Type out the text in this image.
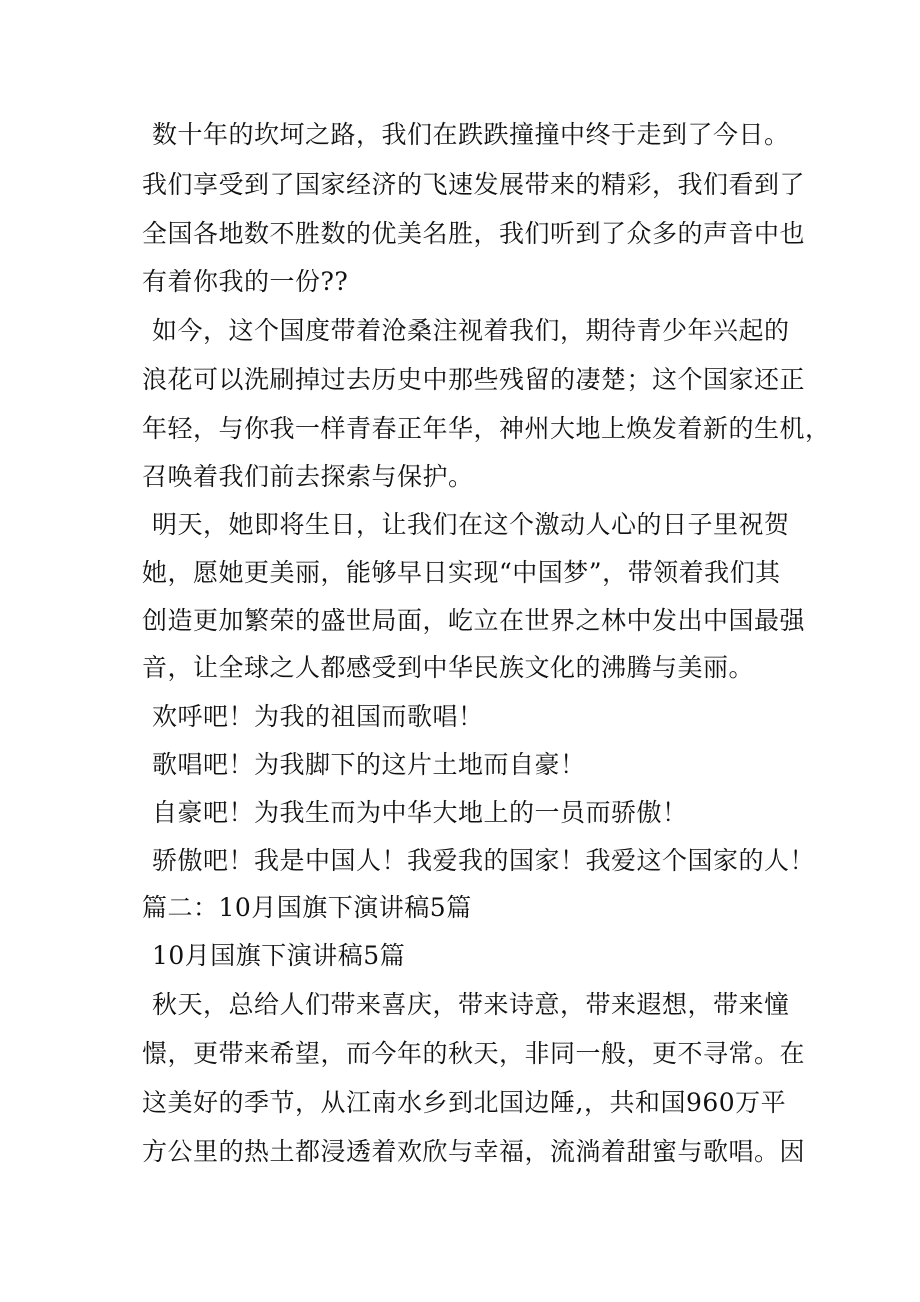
数十年的坎坷之路，我们在跌跌撞撞中终于走到了今日。
我们享受到了国家经济的飞速发展带来的精彩，我们看到了
全国各地数不胜数的优美名胜，我们听到了众多的声音中也
有着你我的一份??
如今，这个国度带着沧桑注视着我们，期待青少年兴起的
浪花可以洗刷掉过去历史中那些残留的凄楚；这个国家还正
年轻，与你我一样青春正年华，神州大地上焕发着新的生机，
召唤着我们前去探索与保护。
明天，她即将生日，让我们在这个激动人心的日子里祝贺
她，愿她更美丽，能够早日实现“中国梦”，带领着我们其
创造更加繁荣的盛世局面，屹立在世界之林中发出中国最强
音，让全球之人都感受到中华民族文化的沸腾与美丽。
欢呼吧！为我的祖国而歌唱！
歌唱吧！为我脚下的这片土地而自豪！
自豪吧！为我生而为中华大地上的一员而骄傲！
骄傲吧！我是中国人！我爱我的国家！我爱这个国家的人！
篇二：10月国旗下演讲稿5篇
10月国旗下演讲稿5篇
秋天，总给人们带来喜庆，带来诗意，带来遐想，带来憧
憬，更带来希望，而今年的秋天，非同一般，更不寻常。在
这美好的季节，从江南水乡到北国边陲,，共和国960万平
方公里的热土都浸透着欢欣与幸福，流淌着甜蜜与歌唱。因
